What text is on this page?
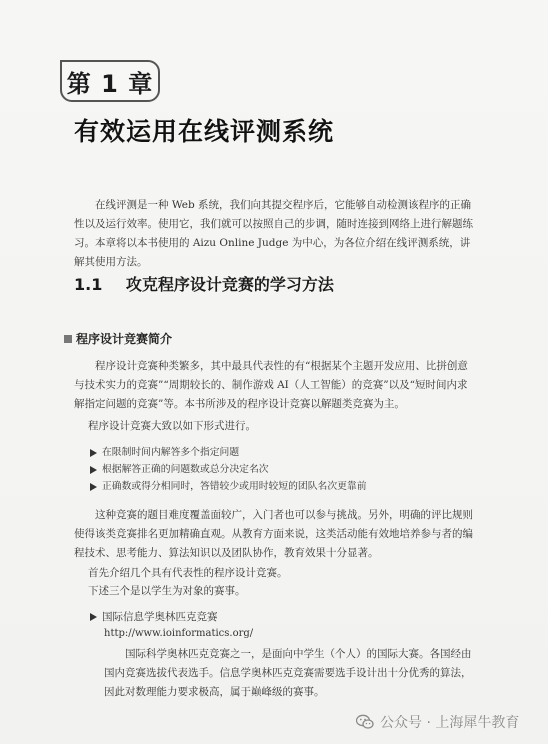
第 1 章
有效运用在线评测系统

在线评测是一种 Web 系统，我们向其提交程序后，它能够自动检测该程序的正确性以及运行效率。使用它，我们就可以按照自己的步调，随时连接到网络上进行解题练习。本章将以本书使用的 Aizu Online Judge 为中心，为各位介绍在线评测系统，讲解其使用方法。

1.1 攻克程序设计竞赛的学习方法
程序设计竞赛简介

程序设计竞赛种类繁多，其中最具代表性的有“根据某个主题开发应用、比拼创意与技术实力的竞赛”“周期较长的、制作游戏 AI（人工智能）的竞赛”以及“短时间内求解指定问题的竞赛”等。本书所涉及的程序设计竞赛以解题类竞赛为主。

程序设计竞赛大致以如下形式进行。
在限制时间内解答多个指定问题
根据解答正确的问题数或总分决定名次
正确数或得分相同时，答错较少或用时较短的团队名次更靠前

这种竞赛的题目难度覆盖面较广，入门者也可以参与挑战。另外，明确的评比规则使得该类竞赛排名更加精确直观。从教育方面来说，这类活动能有效地培养参与者的编程技术、思考能力、算法知识以及团队协作，教育效果十分显著。

首先介绍几个具有代表性的程序设计竞赛。
下述三个是以学生为对象的赛事。
国际信息学奥林匹克竞赛
http://www.ioinformatics.org/

国际科学奥林匹克竞赛之一，是面向中学生（个人）的国际大赛。各国经由国内竞赛选拔代表选手。信息学奥林匹克竞赛需要选手设计出十分优秀的算法，因此对数理能力要求极高，属于巅峰级的赛事。

公众号 · 上海犀牛教育
